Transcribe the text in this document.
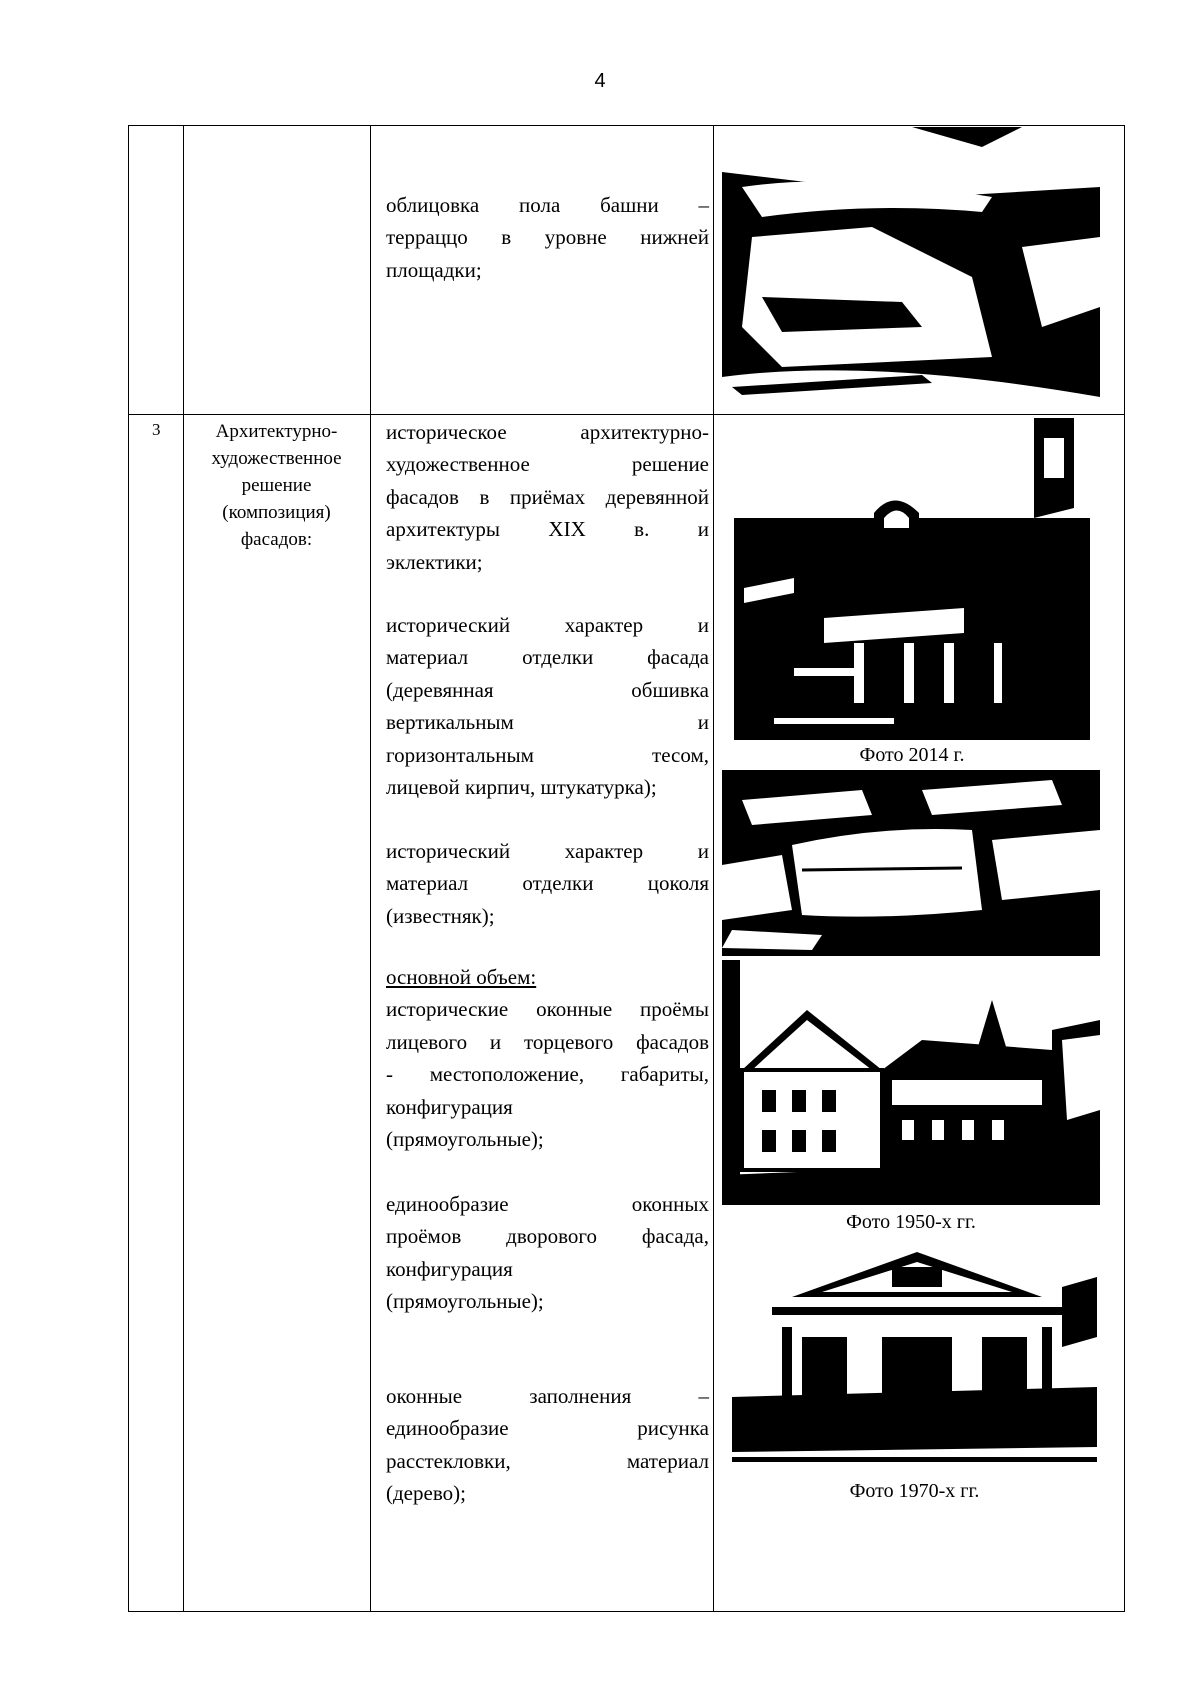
4
облицовка пола башни –
терраццо в уровне нижней
площадки;
3	Архитектурно-
художественное
решение
(композиция)
фасадов:
историческое архитектурно-
художественное решение
фасадов в приёмах деревянной
архитектуры XIX в. и
эклектики;
исторический характер и
материал отделки фасада
(деревянная обшивка
вертикальным и
горизонтальным тесом,
лицевой кирпич, штукатурка);
исторический характер и
материал отделки цоколя
(известняк);
основной объем:
исторические оконные проёмы
лицевого и торцевого фасадов
- местоположение, габариты,
конфигурация
(прямоугольные);
единообразие оконных
проёмов дворового фасада,
конфигурация
(прямоугольные);
оконные заполнения –
единообразие рисунка
расстекловки, материал
(дерево);
Фото 2014 г.
Фото 1950-х гг.
Фото 1970-х гг.
